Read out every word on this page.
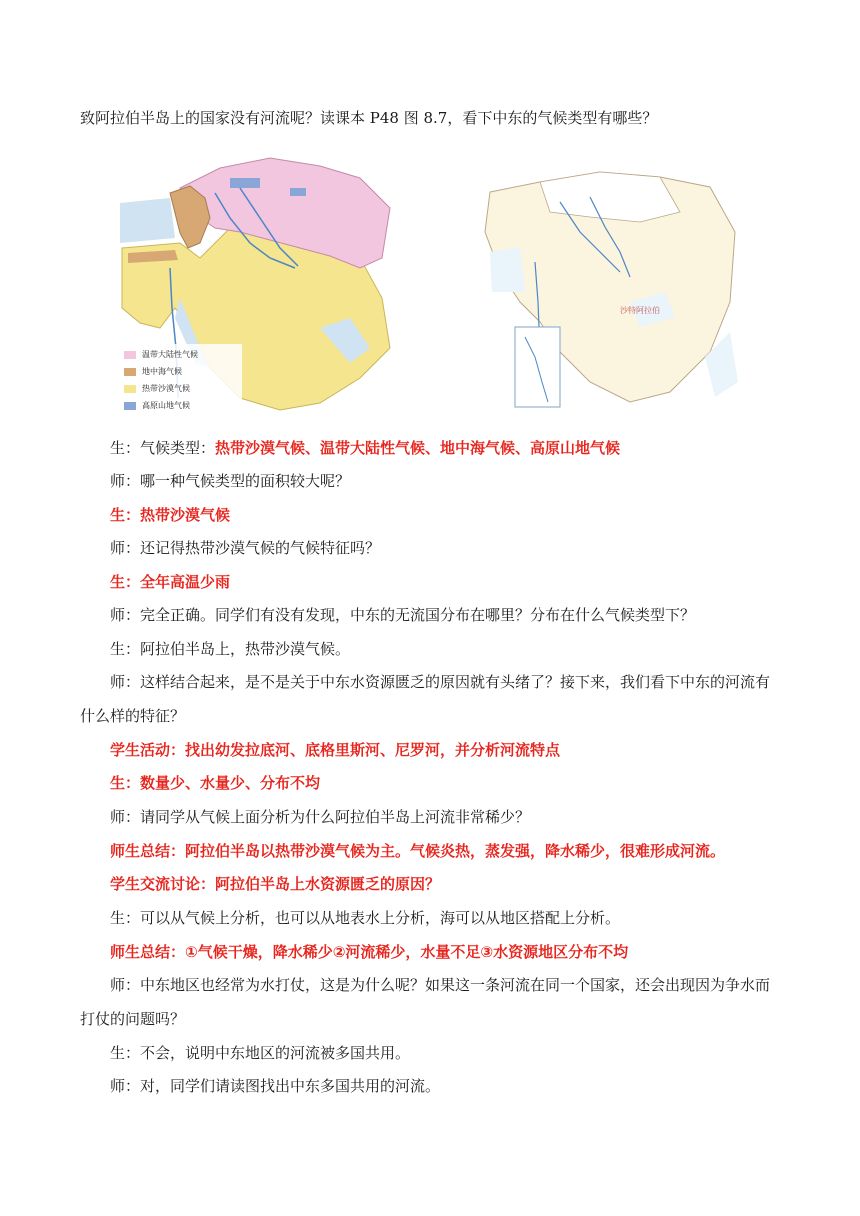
致阿拉伯半岛上的国家没有河流呢？读课本 P48 图 8.7，看下中东的气候类型有哪些？
温带大陆性气候
地中海气候
热带沙漠气候
高原山地气候
沙特阿拉伯
生：气候类型：热带沙漠气候、温带大陆性气候、地中海气候、高原山地气候
师：哪一种气候类型的面积较大呢？
生：热带沙漠气候
师：还记得热带沙漠气候的气候特征吗？
生：全年高温少雨
师：完全正确。同学们有没有发现，中东的无流国分布在哪里？分布在什么气候类型下？
生：阿拉伯半岛上，热带沙漠气候。
师：这样结合起来，是不是关于中东水资源匮乏的原因就有头绪了？接下来，我们看下中东的河流有
什么样的特征？
学生活动：找出幼发拉底河、底格里斯河、尼罗河，并分析河流特点
生：数量少、水量少、分布不均
师：请同学从气候上面分析为什么阿拉伯半岛上河流非常稀少？
师生总结：阿拉伯半岛以热带沙漠气候为主。气候炎热，蒸发强，降水稀少，很难形成河流。
学生交流讨论：阿拉伯半岛上水资源匮乏的原因？
生：可以从气候上分析，也可以从地表水上分析，海可以从地区搭配上分析。
师生总结：①气候干燥，降水稀少②河流稀少，水量不足③水资源地区分布不均
师：中东地区也经常为水打仗，这是为什么呢？如果这一条河流在同一个国家，还会出现因为争水而
打仗的问题吗？
生：不会，说明中东地区的河流被多国共用。
师：对，同学们请读图找出中东多国共用的河流。
